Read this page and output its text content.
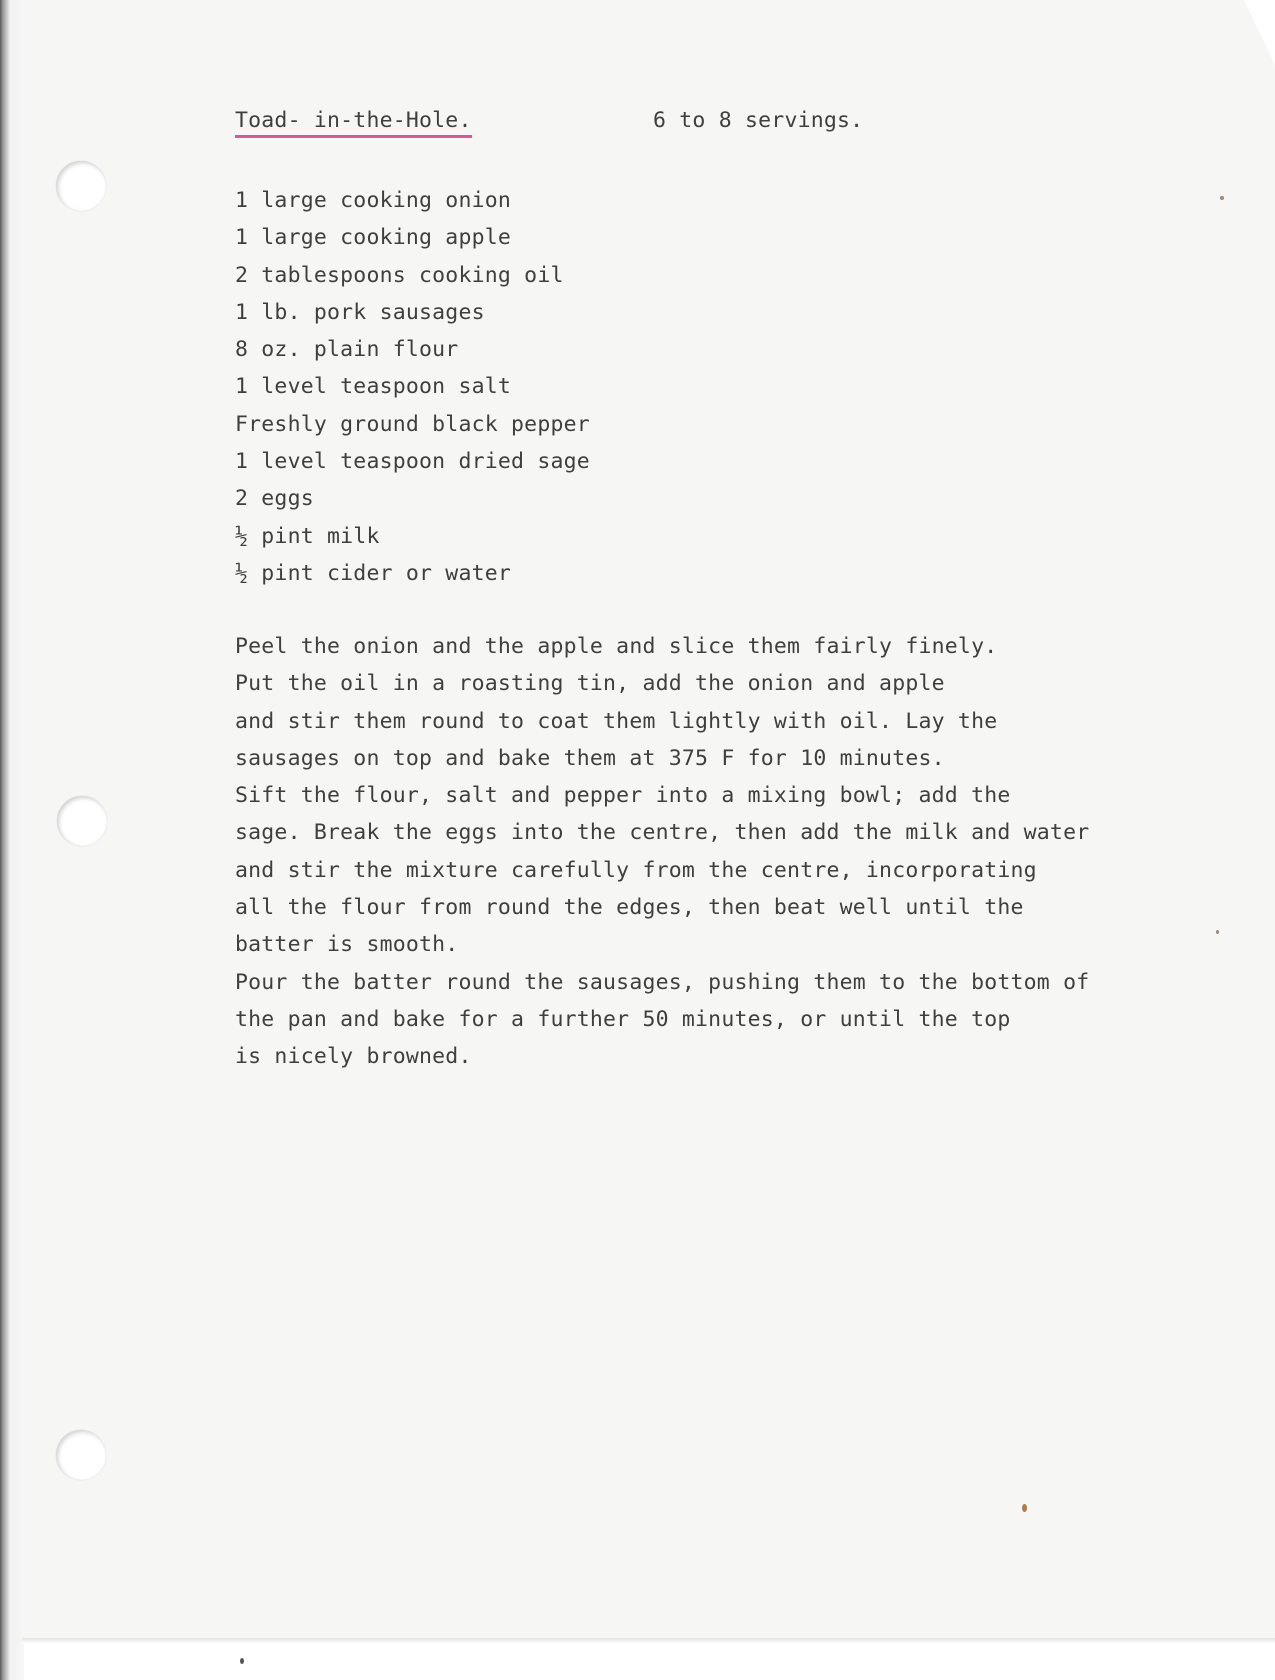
Toad- in-the-Hole.	6 to 8 servings.
1 large cooking onion
1 large cooking apple
2 tablespoons cooking oil
1 lb. pork sausages
8 oz. plain flour
1 level teaspoon salt
Freshly ground black pepper
1 level teaspoon dried sage
2 eggs
½ pint milk
½ pint cider or water
Peel the onion and the apple and slice them fairly finely.
Put the oil in a roasting tin, add the onion and apple
and stir them round to coat them lightly with oil. Lay the
sausages on top and bake them at 375 F for 10 minutes.
Sift the flour, salt and pepper into a mixing bowl; add the
sage. Break the eggs into the centre, then add the milk and water
and stir the mixture carefully from the centre, incorporating
all the flour from round the edges, then beat well until the
batter is smooth.
Pour the batter round the sausages, pushing them to the bottom of
the pan and bake for a further 50 minutes, or until the top
is nicely browned.
